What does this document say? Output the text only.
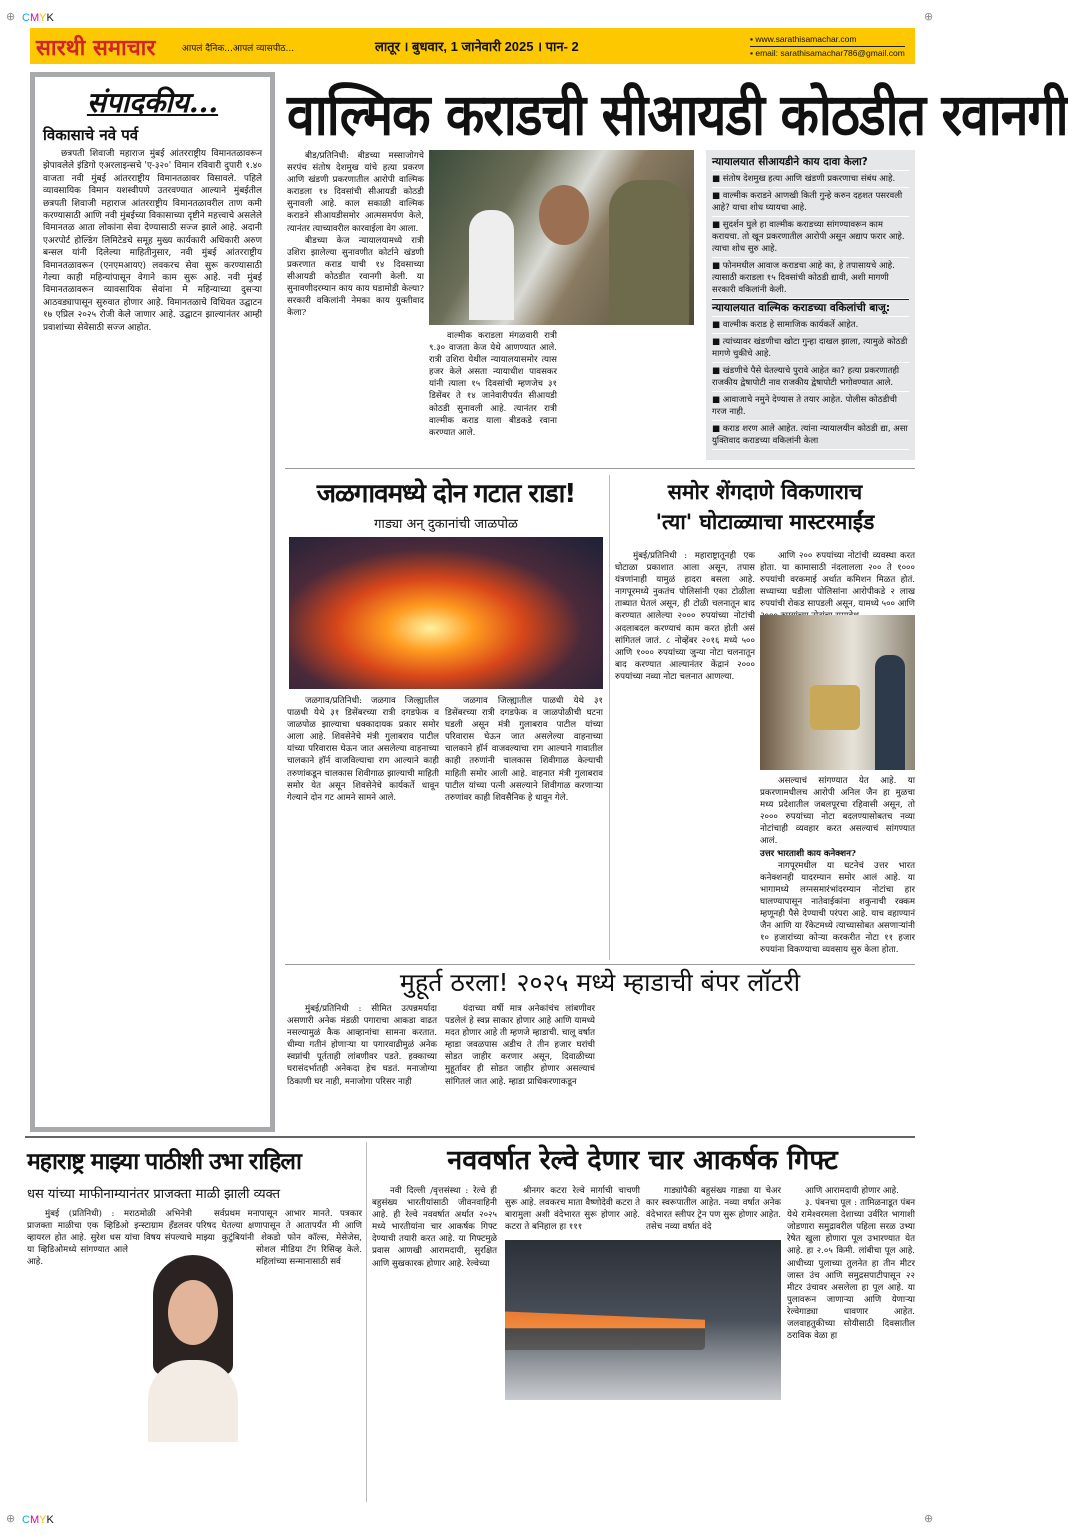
⊕ CMYK	⊕
⊕ CMYK	⊕
सारथी समाचार	आपलं दैनिक...आपलं व्यासपीठ...	लातूर । बुधवार, 1 जानेवारी 2025 । पान- 2	▪ www.sarathisamachar.com
▪ email: sarathisamachar786@gmail.com
संपादकीय...
विकासाचे नवे पर्व

छत्रपती शिवाजी महाराज मुंबई आंतरराष्ट्रीय विमानतळावरून झेपावलेले इंडिगो एअरलाइन्सचे 'ए-३२०' विमान रविवारी दुपारी १.४० वाजता नवी मुंबई आंतरराष्ट्रीय विमानतळावर विसावले. पहिले व्यावसायिक विमान यशस्वीपणे उतरवण्यात आल्याने मुंबईतील छत्रपती शिवाजी महाराज आंतरराष्ट्रीय विमानतळावरील ताण कमी करण्यासाठी आणि नवी मुंबईच्या विकासाच्या दृष्टीने महत्त्वाचे असलेले विमानतळ आता लोकांना सेवा देण्यासाठी सज्ज झाले आहे. अदानी एअरपोर्ट होल्डिंग लिमिटेडचे समूह मुख्य कार्यकारी अधिकारी अरुण बन्सल यांनी दिलेल्या माहितीनुसार, नवी मुंबई आंतरराष्ट्रीय विमानतळावरून (एनएमआयए) लवकरच सेवा सुरू करण्यासाठी गेल्या काही महिन्यांपासून वेगाने काम सुरू आहे. नवी मुंबई विमानतळावरून व्यावसायिक सेवांना मे महिन्याच्या दुसऱ्या आठवड्यापासून सुरुवात होणार आहे. विमानतळाचे विधिवत उद्घाटन १७ एप्रिल २०२५ रोजी केले जाणार आहे. उद्घाटन झाल्यानंतर आम्ही प्रवाशांच्या सेवेसाठी सज्ज आहोत.

वाल्मिक कराडची सीआयडी कोठडीत रवानगी

बीड/प्रतिनिधी: बीडच्या मस्साजोगचे सरपंच संतोष देशमुख यांचे हत्या प्रकरण आणि खंडणी प्रकरणातील आरोपी वाल्मिक कराडला १४ दिवसांची सीआयडी कोठडी सुनावली आहे. काल सकाळी वाल्मिक कराडने सीआयडीसमोर आत्मसमर्पण केले, त्यानंतर त्याच्यावरील कारवाईला वेग आला.

बीडच्या केज न्यायालयामध्ये रात्री उशिरा झालेल्या सुनावणीत कोर्टाने खंडणी प्रकरणात कराड याची १४ दिवसाच्या सीआयडी कोठडीत रवानगी केली. या सुनावणीदरम्यान काय काय घडामोडी केल्या? सरकारी वकिलांनी नेमका काय युक्तीवाद केला?

वाल्मीक कराडला मंगळवारी रात्री ९.३० वाजता केज येथे आणण्यात आले. रात्री उशिरा येथील न्यायालयासमोर त्यास हजर केले असता न्यायाधीश पावसकर यांनी त्याला १५ दिवसांची म्हणजेच ३१ डिसेंबर ते १४ जानेवारीपर्यंत सीआयडी कोठडी सुनावली आहे. त्यानंतर रात्री वाल्मीक कराड याला बीडकडे रवाना करण्यात आले.

न्यायालयात सीआयडीने काय दावा केला?
■ संतोष देशमुख हत्या आणि खंडणी प्रकरणाचा संबंध आहे.
■ वाल्मीक कराडने आणखी किती गुन्हे करुन दहशत पसरवली आहे? याचा शोध घ्यायचा आहे.
■ सुदर्शन घुले हा वाल्मीक कराडच्या सांगण्यावरून काम करायचा. तो खून प्रकरणातील आरोपी असून अद्याप फरार आहे. त्याचा शोध सुरु आहे.
■ फोनमधील आवाज कराडचा आहे का, हे तपासायचे आहे. त्यासाठी कराडला १५ दिवसांची कोठडी द्यावी, अशी मागणी सरकारी वकिलांनी केली.
न्यायालयात वाल्मिक कराडच्या वकिलांची बाजू:
■ वाल्मीक कराड हे सामाजिक कार्यकर्ते आहेत.
■ त्यांच्यावर खंडणीचा खोटा गुन्हा दाखल झाला, त्यामुळे कोठडी मागणे चुकीचे आहे.
■ खंडणीचे पैसे घेतल्याचे पुरावे आहेत का? हत्या प्रकरणातही राजकीय द्वेषापोटी नाव राजकीय द्वेषापोटी भगोवण्यात आले.
■ आवाजाचे नमुने देण्यास ते तयार आहेत. पोलीस कोठडीची गरज नाही.
■ कराड शरण आले आहेत. त्यांना न्यायालयीन कोठडी द्या, असा युक्तिवाद कराडच्या वकिलांनी केला
जळगावमध्ये दोन गटात राडा!
गाड्या अन् दुकानांची जाळपोळ

जळगाव/प्रतिनिधी: जळगाव जिल्ह्यातील पाळधी येथे ३१ डिसेंबरच्या रात्री दगडफेक व जाळपोळ झाल्याचा धक्कादायक प्रकार समोर आला आहे. शिवसेनेचे मंत्री गुलाबराव पाटील यांच्या परिवारास घेऊन जात असलेल्या वाहनाच्या चालकाने हॉर्न वाजविल्याचा राग आल्याने काही तरुणांकडून चालकास शिवीगाळ झाल्याची माहिती समोर येत असून शिवसेनेचे कार्यकर्ते धावून गेल्याने दोन गट आमने सामने आले.

जळगाव जिल्ह्यातील पाळधी येथे ३१ डिसेंबरच्या रात्री दगडफेक व जाळपोळीची घटना घडली असून मंत्री गुलाबराव पाटील यांच्या परिवारास घेऊन जात असलेल्या वाहनाच्या चालकाने हॉर्न वाजवल्याचा राग आल्याने गावातील काही तरुणांनी चालकास शिवीगाळ केल्याची माहिती समोर आली आहे. वाहनात मंत्री गुलाबराव पाटील यांच्या पत्नी असल्याने शिवीगाळ करणाऱ्या तरुणांवर काही शिवसैनिक हे धावून गेले.

समोर शेंगदाणे विकणाराच
'त्या' घोटाळ्याचा मास्टरमाईंड

मुंबई/प्रतिनिधी : महाराष्ट्रातूनही एक घोटाळा प्रकाशात आला असून, तपास यंत्रणांनाही यामुळं हादरा बसला आहे. नागपूरमध्ये नुकतंच पोलिसांनी एका टोळीला ताब्यात घेतलं असून, ही टोळी चलनातून बाद करण्यात आलेल्या २००० रुपयांच्या नोटांची अदलाबदल करण्याचं काम करत होती असं सांगितलं जातं. ८ नोव्हेंबर २०१६ मध्ये ५०० आणि १००० रुपयांच्या जुन्या नोटा चलनातून बाद करण्यात आल्यानंतर केंद्रानं २००० रुपयांच्या नव्या नोटा चलनात आणल्या.

आणि २०० रुपयांच्या नोटांची व्यवस्था करत होता. या कामासाठी नंदलालला २०० ते १००० रुपयांची वरकमाई अर्थात कमिशन मिळत होतं. सध्याच्या घडीला पोलिसांना आरोपीकडे २ लाख रुपयांची रोकड सापडली असून, यामध्ये ५०० आणि

असल्याचं सांगण्यात येत आहे. या प्रकरणामधीलच आरोपी अनिल जैन हा मुळचा मध्य प्रदेशातील जबलपूरचा रहिवासी असून, तो २००० रुपयांच्या नोटा बदलण्यासोबतच नव्या नोटांचाही व्यवहार करत असल्याचं सांगण्यात आलं.

उत्तर भारताशी काय कनेक्शन?

नागपूरमधील या घटनेचं उत्तर भारत कनेक्शनही यादरम्यान समोर आलं आहे. या भागामध्ये लग्नसमारंभांदरम्यान नोटांचा हार घालण्यापासून नातेवाईकांना शकुनाची रक्कम म्हणूनही पैसे देण्याची परंपरा आहे. याच वहाण्यानं जैन आणि या रॅकेटमध्ये त्याच्यासोबत असणाऱ्यांनी १० हजारांच्या कोऱ्या करकरीत नोटा ११ हजार रुपयांना विकण्याचा व्यवसाय सुरु केला होता.

मुहूर्त ठरला! २०२५ मध्ये म्हाडाची बंपर लॉटरी

मुंबई/प्रतिनिधी : सीमित उत्पन्नमर्यादा असणारी अनेक मंडळी पगाराचा आकडा वाढत नसल्यामुळं कैक आव्हानांचा सामना करतात. धीम्या गतीनं होणाऱ्या या पगारवाढीमुळं अनेक स्वप्नांची पूर्तताही लांबणीवर पडते. हक्काच्या घरासंदर्भातही अनेकदा हेच घडतं. मनाजोग्या ठिकाणी घर नाही, मनाजोगा परिसर नाही

यंदाच्या वर्षी मात्र अनेकांचंच लांबणीवर पडलेलं हे स्वप्न साकार होणार आहे आणि यामध्ये मदत होणार आहे ती म्हणजे म्हाडाची. चालू वर्षात म्हाडा जवळपास अडीच ते तीन हजार घरांची सोडत जाहीर करणार असून, दिवाळीच्या मुहूर्तावर ही सोडत जाहीर होणार असल्याचं सांगितलं जात आहे. म्हाडा प्राधिकरणाकडून

महाराष्ट्र माझ्या पाठीशी उभा राहिला
धस यांच्या माफीनाम्यानंतर प्राजक्ता माळी झाली व्यक्त

मुंबई (प्रतिनिधी) : मराठमोळी अभिनेत्री प्राजक्ता माळीचा एक व्हिडिओ इन्स्टाग्राम हँडलवर व्हायरल होत आहे. सुरेश धस यांचा विषय संपल्याचे या व्हिडिओमध्ये सांगण्यात आले आहे.

सर्वप्रथम मनापासून आभार मानते. पत्रकार परिषद घेतल्या क्षणापासून ते आतापर्यंत मी आणि माझ्या कुटुंबियांनी शेकडो फोन कॉल्स, मेसेजेस, सोशल मीडिया टॅग रिसिव्ह केले. महिलांच्या सन्मानासाठी सर्व

नववर्षात रेल्वे देणार चार आकर्षक गिफ्ट

नवी दिल्ली /वृत्तसंस्था : रेल्वे ही बहुसंख्य भारतीयांसाठी जीवनवाहिनी आहे. ही रेल्वे नववर्षात अर्थात २०२५ मध्ये भारतीयांना चार आकर्षक गिफ्ट देण्याची तयारी करत आहे. या गिफ्टमुळे प्रवास आणखी आरामदायी, सुरक्षित आणि सुखकारक होणार आहे. रेल्वेच्या

श्रीनगर कटरा रेल्वे मार्गाची चाचणी सुरू आहे. लवकरच माता वैष्णोदेवी कटरा ते बारामुला अशी वंदेभारत सुरू होणार आहे. कटरा ते बनिहाल हा १११

गाड्यांपैकी बहुसंख्य गाड्या या चेअर कार स्वरूपातील आहेत. नव्या वर्षात अनेक वंदेभारत स्लीपर ट्रेन पण सुरू होणार आहेत. तसेच नव्या वर्षात वंदे

आणि आरामदायी होणार आहे.

३. पंबनचा पूल : तामिळनाडूत पंबन येथे रामेश्वरमला देशाच्या उर्वरित भागाशी जोडणारा समुद्रावरील पहिला सरळ उभ्या रेषेत खुला होणारा पूल उभारण्यात येत आहे. हा २.०५ किमी. लांबीचा पूल आहे. आधीच्या पुलाच्या तुलनेत हा तीन मीटर जास्त उंच आणि समुद्रसपाटीपासून २२ मीटर उंचावर असलेला हा पूल आहे. या पुलावरून जाणाऱ्या आणि येणाऱ्या रेल्वेगाड्या धावणार आहेत. जलवाहतुकीच्या सोयीसाठी दिवसातील ठराविक वेळा हा
